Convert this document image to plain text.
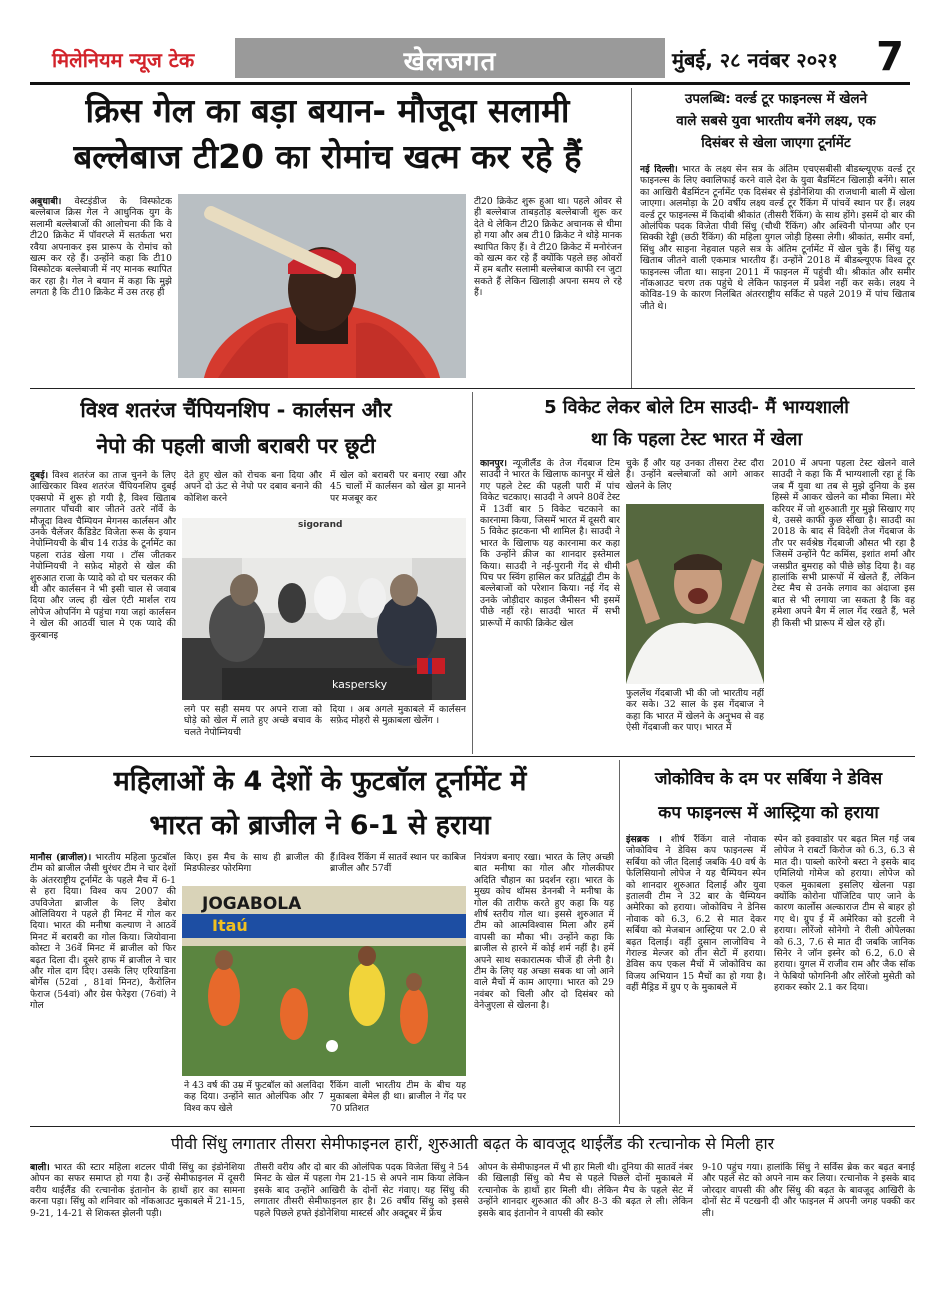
मिलेनियम न्यूज टेक	खेलजगत	मुंबई, २८ नवंबर २०२१ 7
क्रिस गेल का बड़ा बयान- मौजूदा सलामी
बल्लेबाज टी20 का रोमांच खत्म कर रहे हैं
अबुधाबी। वेस्टइंडीज के विस्फोटक बल्लेबाज क्रिस गेल ने आधुनिक युग के सलामी बल्लेबाजों की आलोचना की कि वे टी20 क्रिकेट में पॉवरप्ले में सतर्कता भरा रवैया अपनाकर इस प्रारूप के रोमांच को खत्म कर रहे हैं। उन्होंने कहा कि टी10 विस्फोटक बल्लेबाजी में नए मानक स्थापित कर रहा है। गेल ने बयान में कहा कि मुझे लगता है कि टी10 क्रिकेट में उस तरह ही
टी20 क्रिकेट शुरू हुआ था। पहले ओवर से ही बल्लेबाज ताबड़तोड़ बल्लेबाजी शुरू कर देते थे लेकिन टी20 क्रिकेट अचानक से धीमा हो गया और अब टी10 क्रिकेट ने थोड़े मानक स्थापित किए हैं। वे टी20 क्रिकेट में मनोरंजन को खत्म कर रहे हैं क्योंकि पहले छह ओवरों में हम बतौर सलामी बल्लेबाज काफी रन जुटा सकते हैं लेकिन खिलाड़ी अपना समय ले रहे हैं।
उपलब्धि: वर्ल्ड टूर फाइनल्स में खेलने
वाले सबसे युवा भारतीय बनेंगे लक्ष्य, एक
दिसंबर से खेला जाएगा टूर्नामेंट
नई दिल्ली। भारत के लक्ष्य सेन सत्र के अंतिम एचएसबीसी बीडब्ल्यूएफ वर्ल्ड टूर फाइनल्स के लिए क्वालिफाई करने वाले देश के युवा बैडमिंटन खिलाड़ी बनेंगे। साल का आखिरी बैडमिंटन टूर्नामेंट एक दिसंबर से इंडोनेशिया की राजधानी बाली में खेला जाएगा। अलमोड़ा के 20 वर्षीय लक्ष्य वर्ल्ड टूर रैंकिंग में पांचवें स्थान पर हैं। लक्ष्य वर्ल्ड टूर फाइनल्स में किदांबी श्रीकांत (तीसरी रैंकिंग) के साथ होंगे। इसमें दो बार की ओलंपिक पदक विजेता पीवी सिंधु (चौथी रैंकिंग) और अश्विनी पोनप्पा और एन सिक्की रेड्डी (छठी रैंकिंग) की महिला युगल जोड़ी हिस्सा लेगी। श्रीकांत, समीर वर्मा, सिंधु और साइना नेहवाल पहले सत्र के अंतिम टूर्नामेंट में खेल चुके हैं। सिंधु यह खिताब जीतने वाली एकमात्र भारतीय हैं। उन्होंने 2018 में बीडब्ल्यूएफ विश्व टूर फाइनल्स जीता था। साइना 2011 में फाइनल में पहुंची थी। श्रीकांत और समीर नॉकआउट चरण तक पहुंचे थे लेकिन फाइनल में प्रवेश नहीं कर सके। लक्ष्य ने कोविड-19 के कारण निलंबित अंतरराष्ट्रीय सर्किट से पहले 2019 में पांच खिताब जीते थे।
विश्व शतरंज चैंपियनशिप - कार्लसन और
नेपो की पहली बाजी बराबरी पर छूटी
दुबई। विश्व शतरंज का ताज चुनने के लिए आखिरकार विश्व शतरंज चैंपियनशिप दुबई एक्सपो में शुरू हो गयी है, विश्व खिताब लगातार पाँचवी बार जीतने उतरे नॉर्वे के मौजूदा विश्व चैम्पियन मेगनस कार्लसन और उनके चैलेंजर कैंडिडेट विजेता रूस के इयान नेपोम्नियची के बीच 14 राउंड के टूर्नामेंट का पहला राउंड खेला गया । टॉस जीतकर नेपोम्नियची ने सफ़ेद मोहरो से खेल की शुरुआत राजा के प्यादे को दो घर चलकर की थी और कार्लसन ने भी इसी चाल से जवाब दिया और जल्द ही खेल एंटी मार्शल राय लोपेज ओपनिंग मे पहुंचा गया जहां कार्लसन ने खेल की आठवीं चाल मे एक प्यादे की कुरबानइ
देते हुए खेल को रोचक बना दिया और अपने दो ऊंट से नेपो पर दबाव बनाने की कोशिश करने
में खेल को बराबरी पर बनाए रखा और 45 चालों में कार्लसन को खेल ड्रा मानने पर मजबूर कर
kaspersky
sigorand
लगे पर सही समय पर अपने राजा को घोड़े को खेल में लाते हुए अच्छे बचाव के चलते नेपोम्नियची
दिया । अब अगले मुकाबले में कार्लसन सफ़ेद मोहरो से मुक़ाबला खेलेंग ।
5 विकेट लेकर बोले टिम साउदी- मैं भाग्यशाली
था कि पहला टेस्ट भारत में खेला
कानपुर। न्यूजीलैंड के तेज गेंदबाज टिम साउदी ने भारत के खिलाफ कानपुर में खेले गए पहले टेस्ट की पहली पारी में पांच विकेट चटकाए। साउदी ने अपने 80वें टेस्ट में 13वीं बार 5 विकेट चटकाने का कारनामा किया, जिसमें भारत में दूसरी बार 5 विकेट झटकना भी शामिल है। साउदी ने भारत के खिलाफ यह कारनामा कर कहा कि उन्होंने क्रीज का शानदार इस्तेमाल किया। साउदी ने नई-पुरानी गेंद से धीमी पिच पर स्विंग हासिल कर प्रतिद्वंद्वी टीम के बल्लेबाजों को परेशान किया। नई गेंद से उनके जोड़ीदार काइल जैमीसन भी इसमें पीछे नहीं रहे। साउदी भारत में सभी प्रारूपों में काफी क्रिकेट खेल
चुके हैं और यह उनका तीसरा टेस्ट दौरा है। उन्होंने बल्लेबाजों को आगे आकर खेलने के लिए
फुललेंथ गेंदबाजी भी की जो भारतीय नहीं कर सके। 32 साल के इस गेंदबाज ने कहा कि भारत में खेलने के अनुभव से वह ऐसी गेंदबाजी कर पाए। भारत में
2010 में अपना पहला टेस्ट खेलने वाले साउदी ने कहा कि मैं भाग्यशाली रहा हूं कि जब मैं युवा था तब से मुझे दुनिया के इस हिस्से में आकर खेलने का मौका मिला। मेरे करियर में जो शुरुआती गुर मुझे सिखाए गए थे, उससे काफी कुछ सीखा है। साउदी का 2018 के बाद से विदेशी तेज गेंदबाज के तौर पर सर्वश्रेष्ठ गेंदबाजी औसत भी रहा है जिसमें उन्होंने पैट कमिंस, इशांत शर्मा और जसप्रीत बुमराह को पीछे छोड़ दिया है। वह हालांकि सभी प्रारूपों में खेलते हैं, लेकिन टेस्ट मैच से उनके लगाव का अंदाजा इस बात से भी लगाया जा सकता है कि वह हमेशा अपने बैग में लाल गेंद रखते हैं, भले ही किसी भी प्रारूप में खेल रहे हों।
महिलाओं के 4 देशों के फुटबॉल टूर्नामेंट में
भारत को ब्राजील ने 6-1 से हराया
मानौस (ब्राजील)। भारतीय महिला फुटबॉल टीम को ब्राजील जैसी धुरंधर टीम ने चार देशों के अंतरराष्ट्रीय टूर्नामेंट के पहले मैच में 6-1 से हरा दिया। विश्व कप 2007 की उपविजेता ब्राजील के लिए डेबोरा ओलिवियरा ने पहले ही मिनट में गोल कर दिया। भारत की मनीषा कल्याण ने आठवें मिनट में बराबरी का गोल किया। जियोवाना कोस्टा ने 36वें मिनट में ब्राजील को फिर बढ़त दिला दी। दूसरे हाफ में ब्राजील ने चार और गोल दाग दिए। उसके लिए एरियाडिना बोर्गेस (52वां , 81वां मिनट), कैरोलिन फेराज (54वां) और ग्रेस फेरेइरा (76वां) ने गोल
किए। इस मैच के साथ ही ब्राजील की मिडफील्डर फोरमिगा
हैं।विश्व रैंकिंग में सातवें स्थान पर काबिज ब्राजील और 57वीं
JOGABOLA
Itaú
ने 43 वर्ष की उम्र में फुटबॉल को अलविदा कह दिया। उन्होंने सात ओलंपिक और 7 विश्व कप खेले
रैंकिंग वाली भारतीय टीम के बीच यह मुकाबला बेमेल ही था। ब्राजील ने गेंद पर 70 प्रतिशत
नियंत्रण बनाए रखा। भारत के लिए अच्छी बात मनीषा का गोल और गोलकीपर अदिति चौहान का प्रदर्शन रहा। भारत के मुख्य कोच थॉमस डेननबी ने मनीषा के गोल की तारीफ करते हुए कहा कि यह शीर्ष स्तरीय गोल था। इससे शुरुआत में टीम को आत्मविश्वास मिला और हमें वापसी का मौका भी। उन्होंने कहा कि ब्राजील से हारने में कोई शर्म नहीं है। हमें अपने साथ सकारात्मक चीजें ही लेनी है। टीम के लिए यह अच्छा सबक था जो आने वाले मैचों में काम आएगा। भारत को 29 नवंबर को चिली और दो दिसंबर को वेनेजुएला से खेलना है।
जोकोविच के दम पर सर्बिया ने डेविस
कप फाइनल्स में आस्ट्रिया को हराया
इंसब्रक । शीर्ष रैंकिंग वाले नोवाक जोकोविच ने डेविस कप फाइनल्स में सर्बिया को जीत दिलाई जबकि 40 वर्ष के फेलिसियानो लोपेज ने यह चैम्पियन स्पेन को शानदार शुरुआत दिलाई और युवा इतालवी टीम ने 32 बार के चैम्पियन अमेरिका को हराया। जोकोविच ने डेनिस नोवाक को 6.3, 6.2 से मात देकर सर्बिया को मेजबान आस्ट्रिया पर 2.0 से बढ़त दिलाई। वहीं दुसान लाजोविच ने गेराल्ड मेल्जर को तीन सेटों में हराया। डेविस कप एकल मैचों में जोकोविच का विजय अभियान 15 मैचों का हो गया है। वहीं मैड्रिड में ग्रुप ए के मुकाबले में
स्पेन को इक्वाडोर पर बढ़त मिल गई जब लोपेज ने राबर्टो किरोज को 6.3, 6.3 से मात दी। पाब्लो कारेनो बस्टा ने इसके बाद एमिलियो गोमेज को हराया। लोपेज को एकल मुकाबला इसलिए खेलना पड़ा क्योंकि कोरोना पॉजिटिव पाए जाने के कारण कार्लोस अल्काराज टीम से बाहर हो गए थे। ग्रुप ई में अमेरिका को इटली ने हराया। लोरेंजो सोनेगो ने रीली ओपेलका को 6.3, 7.6 से मात दी जबकि जानिक सिनेर ने जॉन इस्नेर को 6.2, 6.0 से हराया। युगल में राजीव राम और जैक सॉक ने फेबियो फोगनिनी और लोरेंजो मुसेती को हराकर स्कोर 2.1 कर दिया।
पीवी सिंधु लगातार तीसरा सेमीफाइनल हारीं, शुरुआती बढ़त के बावजूद थाईलैंड की रत्चानोक से मिली हार
बाली। भारत की स्टार महिला शटलर पीवी सिंधु का इंडोनेशिया ओपन का सफर समाप्त हो गया है। उन्हें सेमीफाइनल में दूसरी वरीय थाईलैंड की रत्चानोक इंतानोन के हाथों हार का सामना करना पड़ा। सिंधु को शनिवार को नॉकआउट मुकाबले में 21-15, 9-21, 14-21 से शिकस्त झेलनी पड़ी।
तीसरी वरीय और दो बार की ओलंपिक पदक विजेता सिंधु ने 54 मिनट के खेल में पहला गेम 21-15 से अपने नाम किया लेकिन इसके बाद उन्होंने आखिरी के दोनों सेट गंवाए। यह सिंधु की लगातार तीसरी सेमीफाइनल हार है। 26 वर्षीय सिंधु को इससे पहले पिछले हफ्ते इंडोनेशिया मास्टर्स और अक्टूबर में फ्रेंच
ओपन के सेमीफाइनल में भी हार मिली थी। दुनिया की सातवें नंबर की खिलाड़ी सिंधु को मैच से पहले पिछले दोनों मुकाबले में रत्चानोक के हाथों हार मिली थी। लेकिन मैच के पहले सेट में उन्होंने शानदार शुरुआत की और 8-3 की बढ़त ले ली। लेकिन इसके बाद इंतानोन ने वापसी की स्कोर
9-10 पहुंच गया। हालांकि सिंधु ने सर्विस ब्रेक कर बढ़त बनाई और पहले सेट को अपने नाम कर लिया। रत्चानोक ने इसके बाद जोरदार वापसी की और सिंधु की बढ़त के बावजूद आखिरी के दोनों सेट में पटखनी दी और फाइनल में अपनी जगह पक्की कर ली।
